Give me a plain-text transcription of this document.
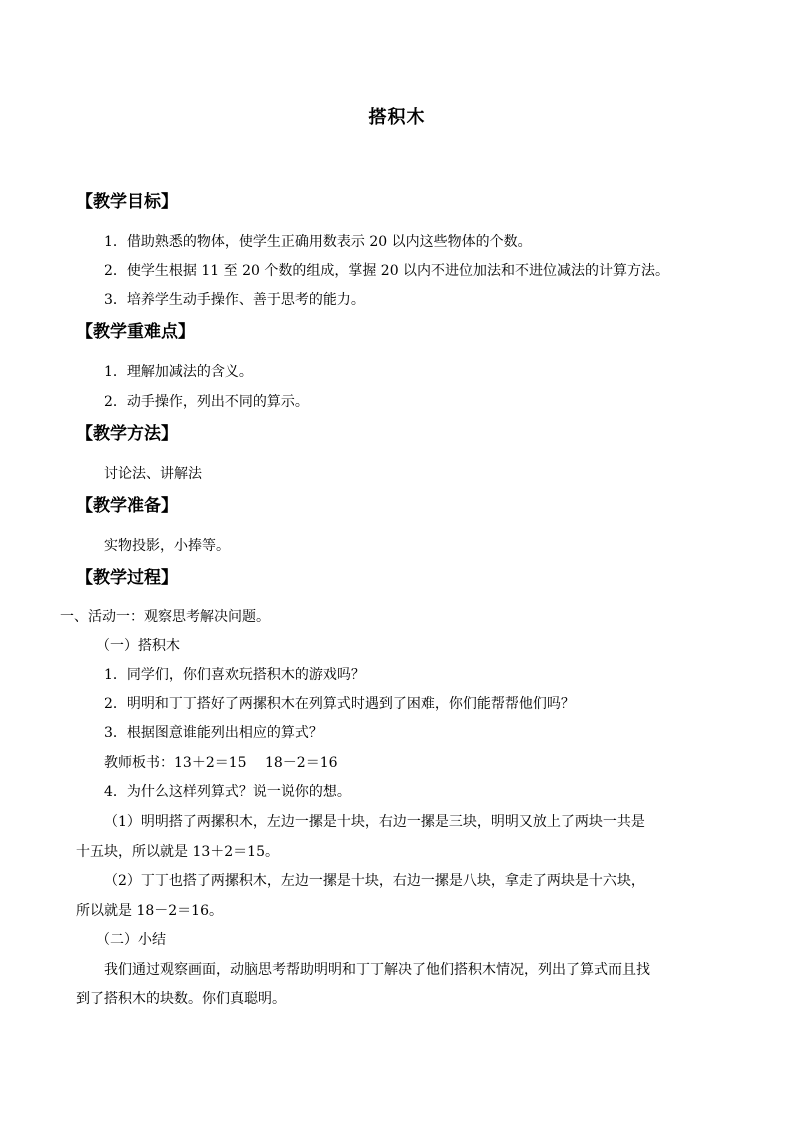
搭积木
【教学目标】
1．借助熟悉的物体，使学生正确用数表示 20 以内这些物体的个数。
2．使学生根据 11 至 20 个数的组成，掌握 20 以内不进位加法和不进位减法的计算方法。
3．培养学生动手操作、善于思考的能力。
【教学重难点】
1．理解加减法的含义。
2．动手操作，列出不同的算示。
【教学方法】
讨论法、讲解法
【教学准备】
实物投影，小捧等。
【教学过程】
一、活动一：观察思考解决问题。
（一）搭积木
1．同学们，你们喜欢玩搭积木的游戏吗？
2．明明和丁丁搭好了两摞积木在列算式时遇到了困难，你们能帮帮他们吗？
3．根据图意谁能列出相应的算式？
教师板书：13＋2＝15　 18－2＝16
4．为什么这样列算式？说一说你的想。
（1）明明搭了两摞积木，左边一摞是十块，右边一摞是三块，明明又放上了两块一共是
十五块，所以就是 13＋2＝15。
（2）丁丁也搭了两摞积木，左边一摞是十块，右边一摞是八块，拿走了两块是十六块，
所以就是 18－2＝16。
（二）小结
我们通过观察画面，动脑思考帮助明明和丁丁解决了他们搭积木情况，列出了算式而且找
到了搭积木的块数。你们真聪明。
